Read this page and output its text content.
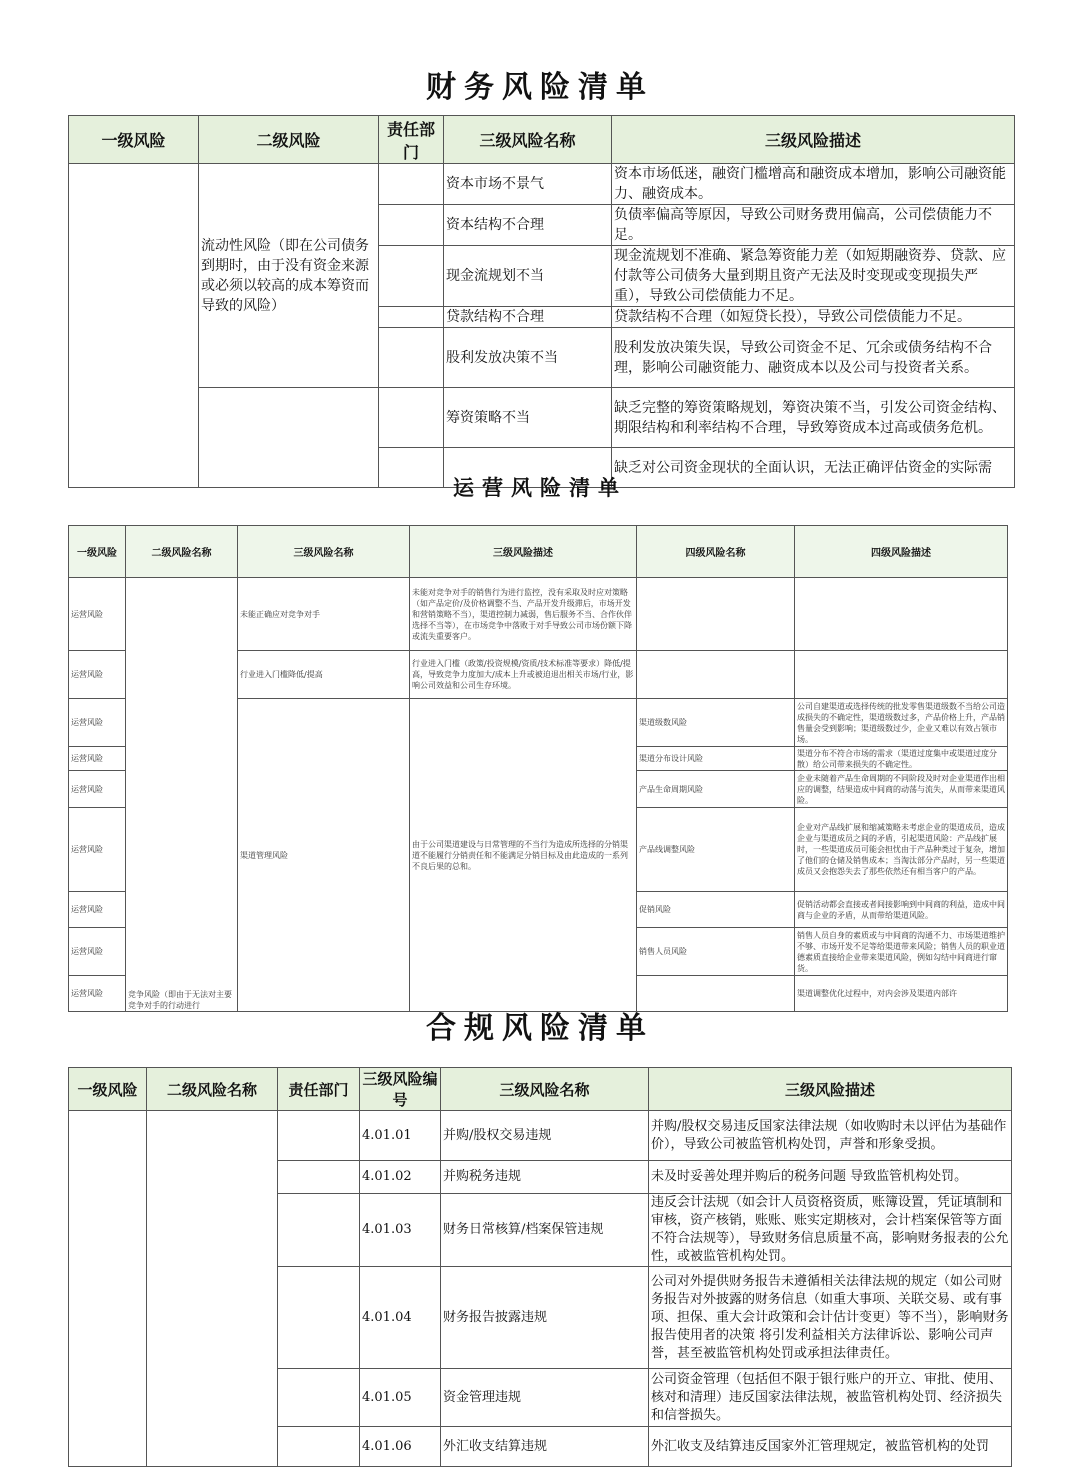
财务风险清单
一级风险	二级风险	责任部门	三级风险名称	三级风险描述
	流动性风险（即在公司债务到期时，由于没有资金来源或必须以较高的成本筹资而导致的风险）		资本市场不景气	资本市场低迷，融资门槛增高和融资成本增加，影响公司融资能力、融资成本。
			资本结构不合理	负债率偏高等原因，导致公司财务费用偏高，公司偿债能力不足。
			现金流规划不当	现金流规划不准确、紧急筹资能力差（如短期融资券、贷款、应付款等公司债务大量到期且资产无法及时变现或变现损失严重），导致公司偿债能力不足。
			贷款结构不合理	贷款结构不合理（如短贷长投），导致公司偿债能力不足。
			股利发放决策不当	股利发放决策失误，导致公司资金不足、冗余或债务结构不合理，影响公司融资能力、融资成本以及公司与投资者关系。
			筹资策略不当	缺乏完整的筹资策略规划，筹资决策不当，引发公司资金结构、期限结构和利率结构不合理，导致筹资成本过高或债务危机。
				缺乏对公司资金现状的全面认识，无法正确评估资金的实际需
运营风险清单
一级风险	二级风险名称	三级风险名称	三级风险描述	四级风险名称	四级风险描述
运营风险	竞争风险（即由于无法对主要竞争对手的行动进行	未能正确应对竞争对手	未能对竞争对手的销售行为进行监控，没有采取及时应对策略（如产品定价/及价格调整不当、产品开发升级滞后，市场开发和营销策略不当），渠道控制力减弱，售后服务不当、合作伙伴选择不当等），在市场竞争中落败于对手导致公司市场份额下降或流失重要客户。		
运营风险		行业进入门槛降低/提高	行业进入门槛（政策/投资规模/资质/技术标准等要求）降低/提高，导致竞争力度加大/成本上升或被迫退出相关市场/行业，影响公司效益和公司生存环境。		
运营风险		渠道管理风险	由于公司渠道建设与日常管理的不当行为造成所选择的分销渠道不能履行分销责任和不能满足分销目标及由此造成的一系列不良后果的总和。	渠道级数风险	公司自建渠道或选择传统的批发零售渠道级数不当给公司造成损失的不确定性，渠道级数过多，产品价格上升，产品销售量会受到影响；渠道级数过少，企业又难以有效占领市场。
运营风险				渠道分布设计风险	渠道分布不符合市场的需求（渠道过度集中或渠道过度分散）给公司带来损失的不确定性。
运营风险				产品生命周期风险	企业未随着产品生命周期的不同阶段及时对企业渠道作出相应的调整，结果造成中间商的动荡与流失，从而带来渠道风险。
运营风险				产品线调整风险	企业对产品线扩展和缩减策略未考虑企业的渠道成员，造成企业与渠道成员之间的矛盾，引起渠道风险：产品线扩展时，一些渠道成员可能会担忧由于产品种类过于复杂，增加了他们的仓储及销售成本；当淘汰部分产品时，另一些渠道成员又会抱怨失去了那些依然还有相当客户的产品。
运营风险				促销风险	促销活动都会直接或者间接影响到中间商的利益，造成中间商与企业的矛盾，从而带给渠道风险。
运营风险				销售人员风险	销售人员自身的素质或与中间商的沟通不力、市场渠道维护不够、市场开发不足等给渠道带来风险；销售人员的职业道德素质直接给企业带来渠道风险，例如勾结中间商进行窜货。
运营风险					渠道调整优化过程中，对内会涉及渠道内部许
合规风险清单
一级风险	二级风险名称	责任部门	三级风险编号	三级风险名称	三级风险描述
			4.01.01	并购/股权交易违规	并购/股权交易违反国家法律法规（如收购时未以评估为基础作价），导致公司被监管机构处罚，声誉和形象受损。
			4.01.02	并购税务违规	未及时妥善处理并购后的税务问题 导致监管机构处罚。
			4.01.03	财务日常核算/档案保管违规	违反会计法规（如会计人员资格资质，账簿设置，凭证填制和审核，资产核销，账账、账实定期核对，会计档案保管等方面不符合法规等），导致财务信息质量不高，影响财务报表的公允性，或被监管机构处罚。
			4.01.04	财务报告披露违规	公司对外提供财务报告未遵循相关法律法规的规定（如公司财务报告对外披露的财务信息（如重大事项、关联交易、或有事项、担保、重大会计政策和会计估计变更）等不当），影响财务报告使用者的决策 将引发利益相关方法律诉讼、影响公司声誉，甚至被监管机构处罚或承担法律责任。
			4.01.05	资金管理违规	公司资金管理（包括但不限于银行账户的开立、审批、使用、核对和清理）违反国家法律法规，被监管机构处罚、经济损失和信誉损失。
			4.01.06	外汇收支结算违规	外汇收支及结算违反国家外汇管理规定，被监管机构的处罚
